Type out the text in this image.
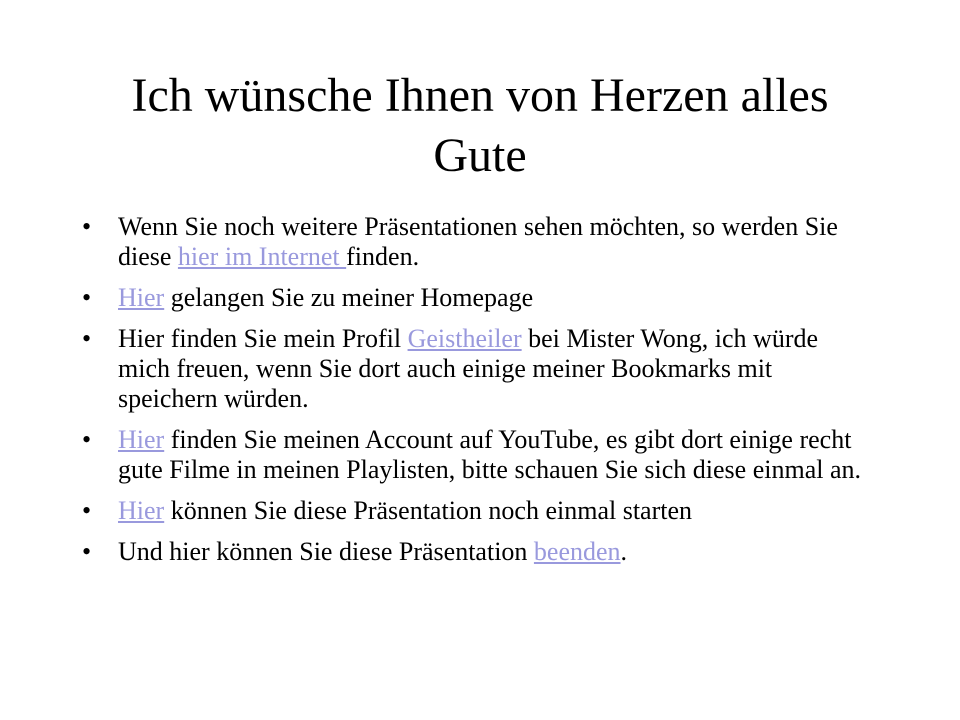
Ich wünsche Ihnen von Herzen alles
Gute
•	Wenn Sie noch weitere Präsentationen sehen möchten, so werden Sie diese hier im Internet finden.
•	Hier gelangen Sie zu meiner Homepage
•	Hier finden Sie mein Profil Geistheiler bei Mister Wong, ich würde mich freuen, wenn Sie dort auch einige meiner Bookmarks mit speichern würden.
•	Hier finden Sie meinen Account auf YouTube, es gibt dort einige recht gute Filme in meinen Playlisten, bitte schauen Sie sich diese einmal an.
•	Hier können Sie diese Präsentation noch einmal starten
•	Und hier können Sie diese Präsentation beenden.
